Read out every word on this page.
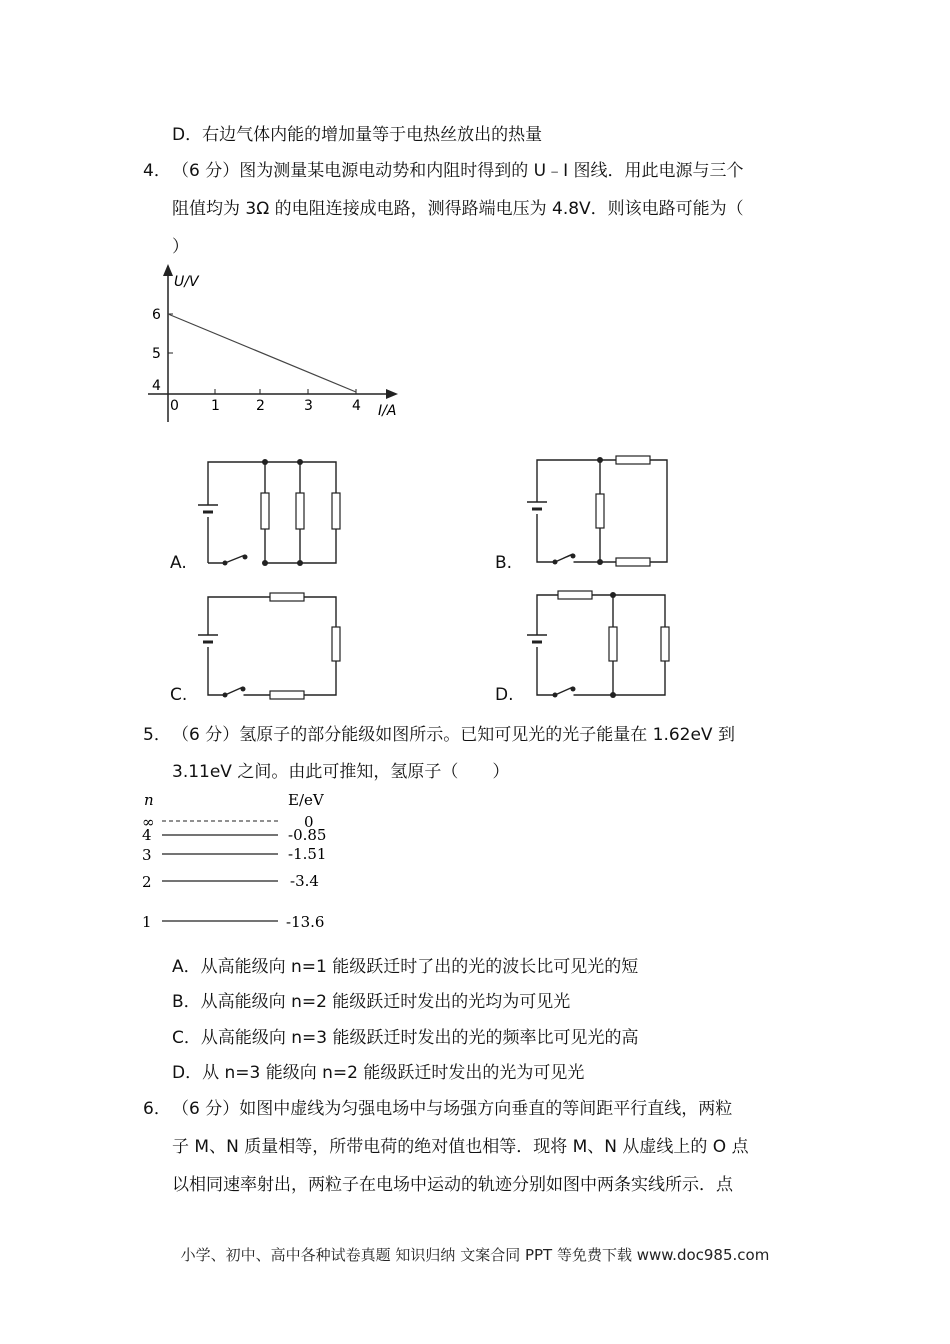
D．右边气体内能的增加量等于电热丝放出的热量
4． （6 分）图为测量某电源电动势和内阻时得到的 U﹣I 图线．用此电源与三个
阻值均为 3Ω 的电阻连接成电路，测得路端电压为 4.8V．则该电路可能为（
）
U/V
I/A
6
5
4
0 1	2	3	4
A.	B.
C.	D.
5． （6 分）氢原子的部分能级如图所示。已知可见光的光子能量在 1.62eV 到
3.11eV 之间。由此可推知，氢原子（　　）
n	E/eV
∞	0
4	-0.85
3	-1.51
2	-3.4
1	-13.6
A．从高能级向 n=1 能级跃迁时了出的光的波长比可见光的短
B．从高能级向 n=2 能级跃迁时发出的光均为可见光
C．从高能级向 n=3 能级跃迁时发出的光的频率比可见光的高
D．从 n=3 能级向 n=2 能级跃迁时发出的光为可见光
6． （6 分）如图中虚线为匀强电场中与场强方向垂直的等间距平行直线，两粒
子 M、N 质量相等，所带电荷的绝对值也相等．现将 M、N 从虚线上的 O 点
以相同速率射出，两粒子在电场中运动的轨迹分别如图中两条实线所示．点
小学、初中、高中各种试卷真题 知识归纳 文案合同 PPT 等免费下载 www.doc985.com
